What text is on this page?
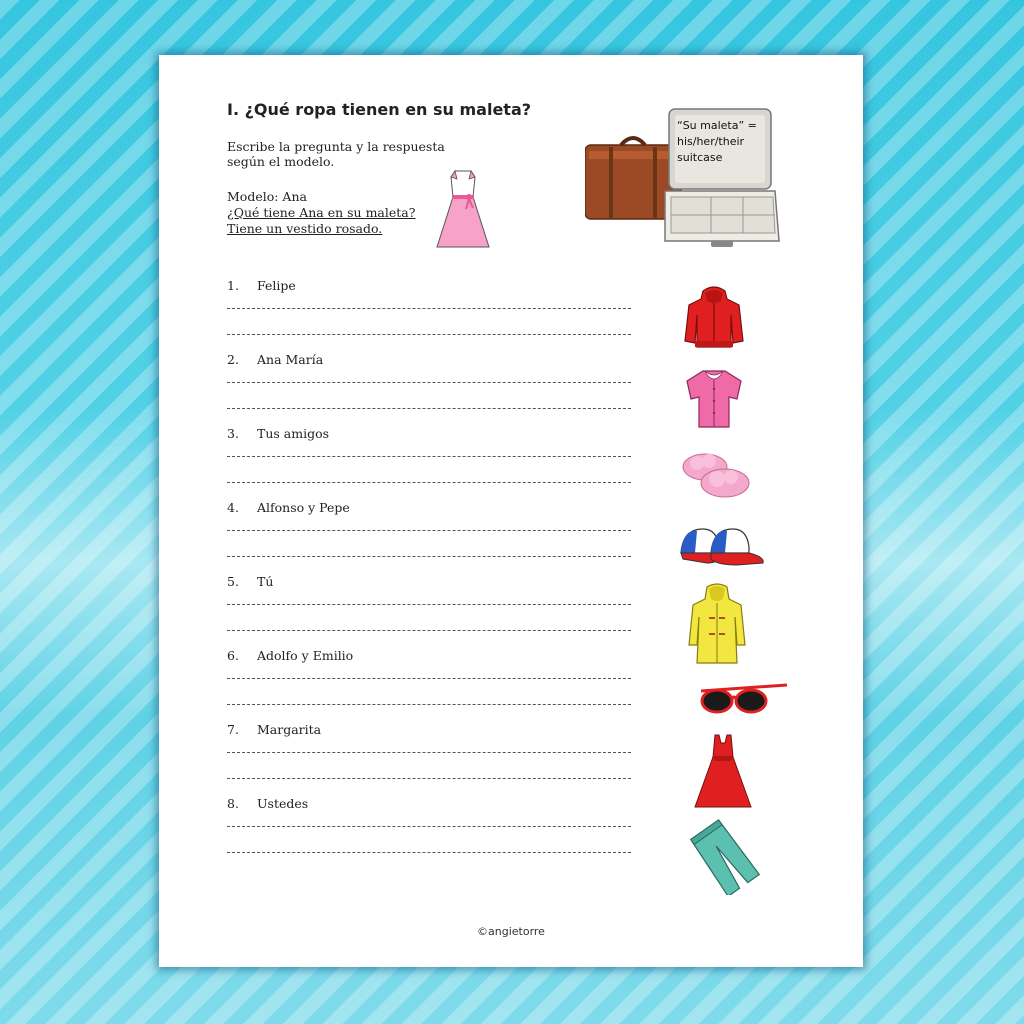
I. ¿Qué ropa tienen en su maleta?
Escribe la pregunta y la respuesta según el modelo.
Modelo: Ana
¿Qué tiene Ana en su maleta?
Tiene un vestido rosado.
“Su maleta” = his/her/their suitcase
1. Felipe
2. Ana María
3. Tus amigos
4. Alfonso y Pepe
5. Tú
6. Adolfo y Emilio
7. Margarita
8. Ustedes
©angietorre
